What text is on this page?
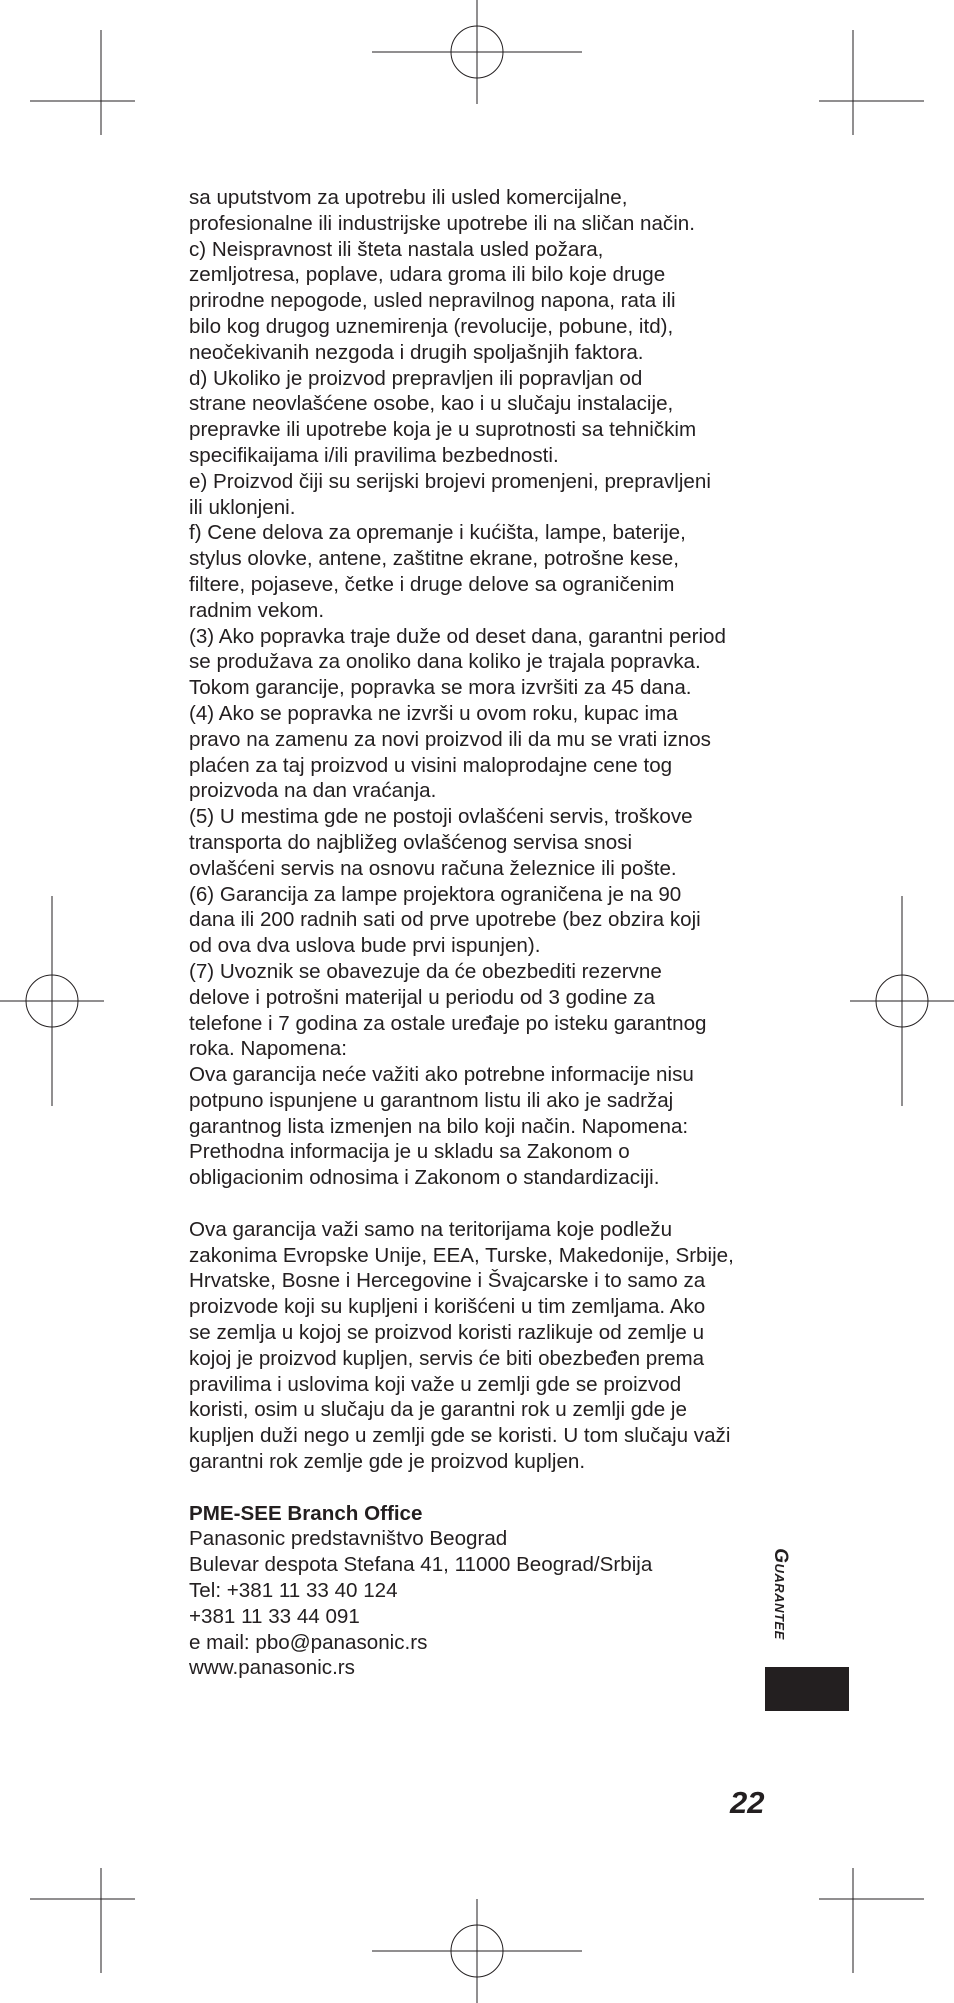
sa uputstvom za upotrebu ili usled komercijalne,
profesionalne ili industrijske upotrebe ili na sličan način.
c) Neispravnost ili šteta nastala usled požara,
zemljotresa, poplave, udara groma ili bilo koje druge
prirodne nepogode, usled nepravilnog napona, rata ili
bilo kog drugog uznemirenja (revolucije, pobune, itd),
neočekivanih nezgoda i drugih spoljašnjih faktora.
d) Ukoliko je proizvod prepravljen ili popravljan od
strane neovlašćene osobe, kao i u slučaju instalacije,
prepravke ili upotrebe koja je u suprotnosti sa tehničkim
specifikaijama i/ili pravilima bezbednosti.
e) Proizvod čiji su serijski brojevi promenjeni, prepravljeni
ili uklonjeni.
f) Cene delova za opremanje i kućišta, lampe, baterije,
stylus olovke, antene, zaštitne ekrane, potrošne kese,
filtere, pojaseve, četke i druge delove sa ograničenim
radnim vekom.
(3) Ako popravka traje duže od deset dana, garantni period
se produžava za onoliko dana koliko je trajala popravka.
Tokom garancije, popravka se mora izvršiti za 45 dana.
(4) Ako se popravka ne izvrši u ovom roku, kupac ima
pravo na zamenu za novi proizvod ili da mu se vrati iznos
plaćen za taj proizvod u visini maloprodajne cene tog
proizvoda na dan vraćanja.
(5) U mestima gde ne postoji ovlašćeni servis, troškove
transporta do najbližeg ovlašćenog servisa snosi
ovlašćeni servis na osnovu računa železnice ili pošte.
(6) Garancija za lampe projektora ograničena je na 90
dana ili 200 radnih sati od prve upotrebe (bez obzira koji
od ova dva uslova bude prvi ispunjen).
(7) Uvoznik se obavezuje da će obezbediti rezervne
delove i potrošni materijal u periodu od 3 godine za
telefone i 7 godina za ostale uređaje po isteku garantnog
roka. Napomena:
Ova garancija neće važiti ako potrebne informacije nisu
potpuno ispunjene u garantnom listu ili ako je sadržaj
garantnog lista izmenjen na bilo koji način. Napomena:
Prethodna informacija je u skladu sa Zakonom o
obligacionim odnosima i Zakonom o standardizaciji.
Ova garancija važi samo na teritorijama koje podležu
zakonima Evropske Unije, EEA, Turske, Makedonije, Srbije,
Hrvatske, Bosne i Hercegovine i Švajcarske i to samo za
proizvode koji su kupljeni i korišćeni u tim zemljama. Ako
se zemlja u kojoj se proizvod koristi razlikuje od zemlje u
kojoj je proizvod kupljen, servis će biti obezbeđen prema
pravilima i uslovima koji važe u zemlji gde se proizvod
koristi, osim u slučaju da je garantni rok u zemlji gde je
kupljen duži nego u zemlji gde se koristi. U tom slučaju važi
garantni rok zemlje gde je proizvod kupljen.
PME-SEE Branch Office
Panasonic predstavništvo Beograd
Bulevar despota Stefana 41, 11000 Beograd/Srbija
Tel: +381 11 33 40 124
+381 11 33 44 091
e mail: pbo@panasonic.rs
www.panasonic.rs
Guarantee
22
